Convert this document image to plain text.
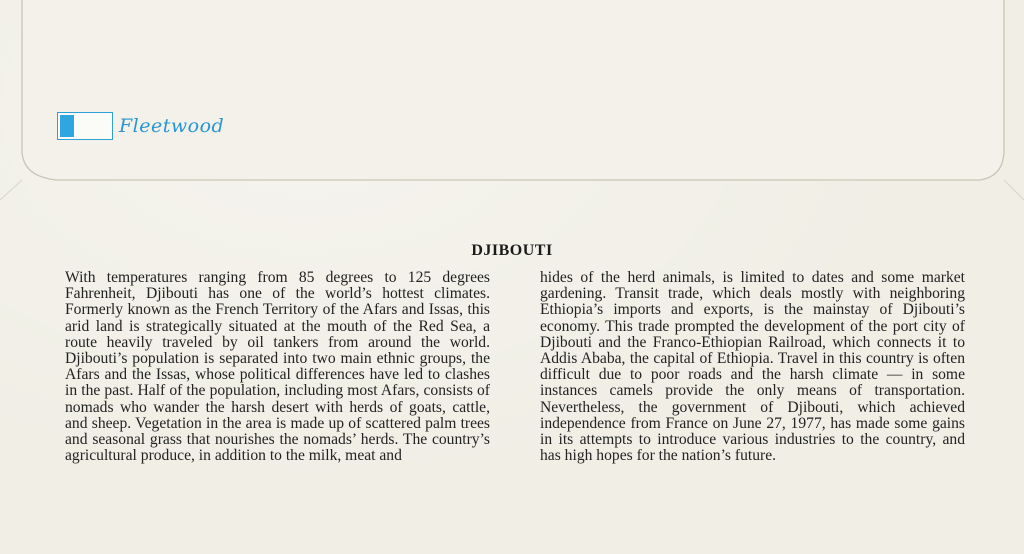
Fleetwood
DJIBOUTI

With temperatures ranging from 85 degrees to 125 degrees Fahrenheit, Djibouti has one of the world’s hottest climates. Formerly known as the French Territory of the Afars and Issas, this arid land is strategically situated at the mouth of the Red Sea, a route heavily traveled by oil tankers from around the world. Djibouti’s population is separated into two main ethnic groups, the Afars and the Issas, whose political differences have led to clashes in the past. Half of the population, including most Afars, consists of nomads who wander the harsh desert with herds of goats, cattle, and sheep. Vegetation in the area is made up of scattered palm trees and seasonal grass that nourishes the nomads’ herds. The country’s agricultural produce, in addition to the milk, meat and

hides of the herd animals, is limited to dates and some market gardening. Transit trade, which deals mostly with neighboring Ethiopia’s imports and exports, is the mainstay of Djibouti’s economy. This trade prompted the development of the port city of Djibouti and the Franco-Ethiopian Railroad, which connects it to Addis Ababa, the capital of Ethiopia. Travel in this country is often difficult due to poor roads and the harsh climate — in some instances camels provide the only means of transportation. Nevertheless, the government of Djibouti, which achieved independence from France on June 27, 1977, has made some gains in its attempts to introduce various industries to the country, and has high hopes for the nation’s future.
